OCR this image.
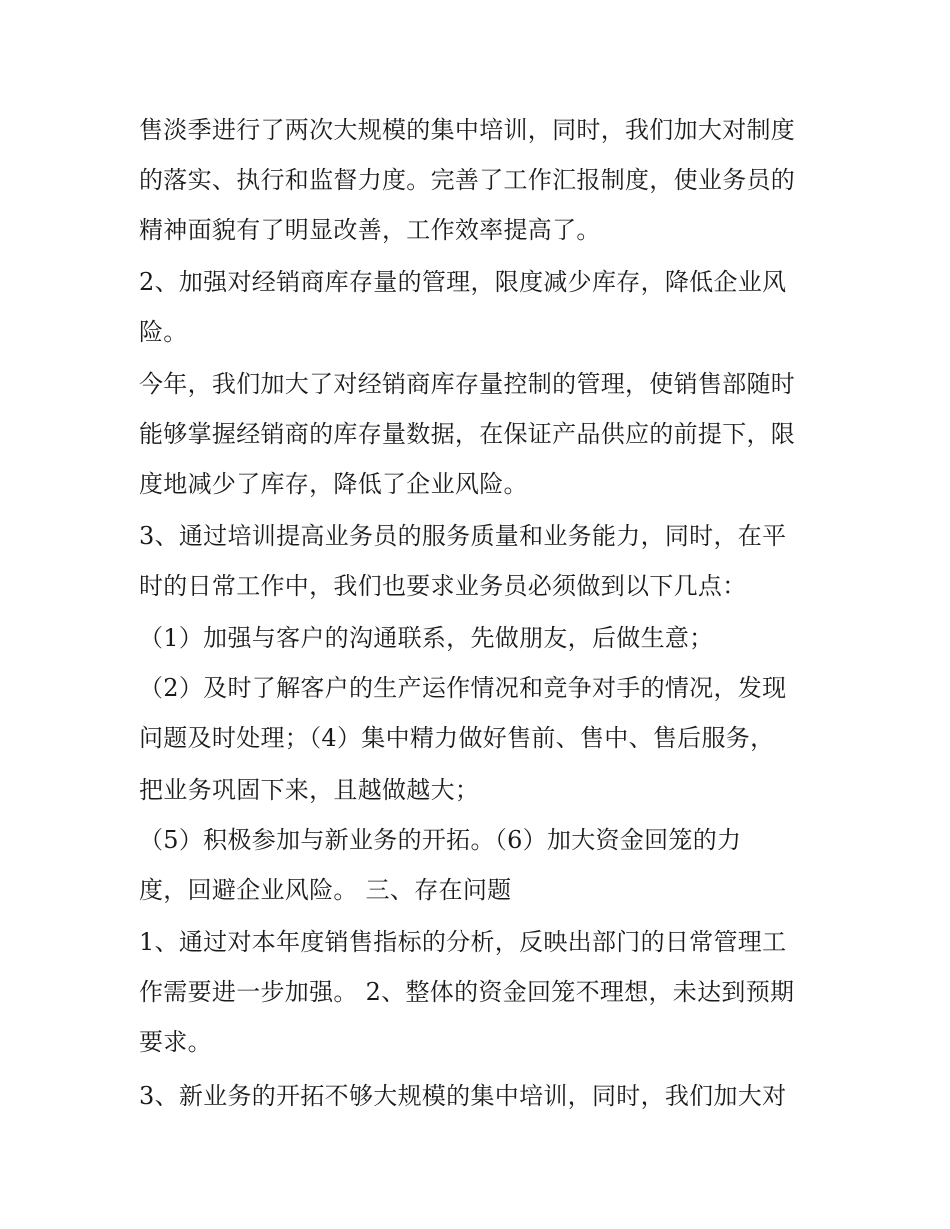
售淡季进行了两次大规模的集中培训，同时，我们加大对制度
的落实、执行和监督力度。完善了工作汇报制度，使业务员的
精神面貌有了明显改善，工作效率提高了。
2、加强对经销商库存量的管理，限度减少库存，降低企业风
险。
今年，我们加大了对经销商库存量控制的管理，使销售部随时
能够掌握经销商的库存量数据，在保证产品供应的前提下，限
度地减少了库存，降低了企业风险。
3、通过培训提高业务员的服务质量和业务能力，同时，在平
时的日常工作中，我们也要求业务员必须做到以下几点：
（1）加强与客户的沟通联系，先做朋友，后做生意；
（2）及时了解客户的生产运作情况和竞争对手的情况，发现
问题及时处理；（4）集中精力做好售前、售中、售后服务，
把业务巩固下来，且越做越大；
（5）积极参加与新业务的开拓。（6）加大资金回笼的力
度，回避企业风险。 三、存在问题
1、通过对本年度销售指标的分析，反映出部门的日常管理工
作需要进一步加强。 2、整体的资金回笼不理想，未达到预期
要求。
3、新业务的开拓不够大规模的集中培训，同时，我们加大对
